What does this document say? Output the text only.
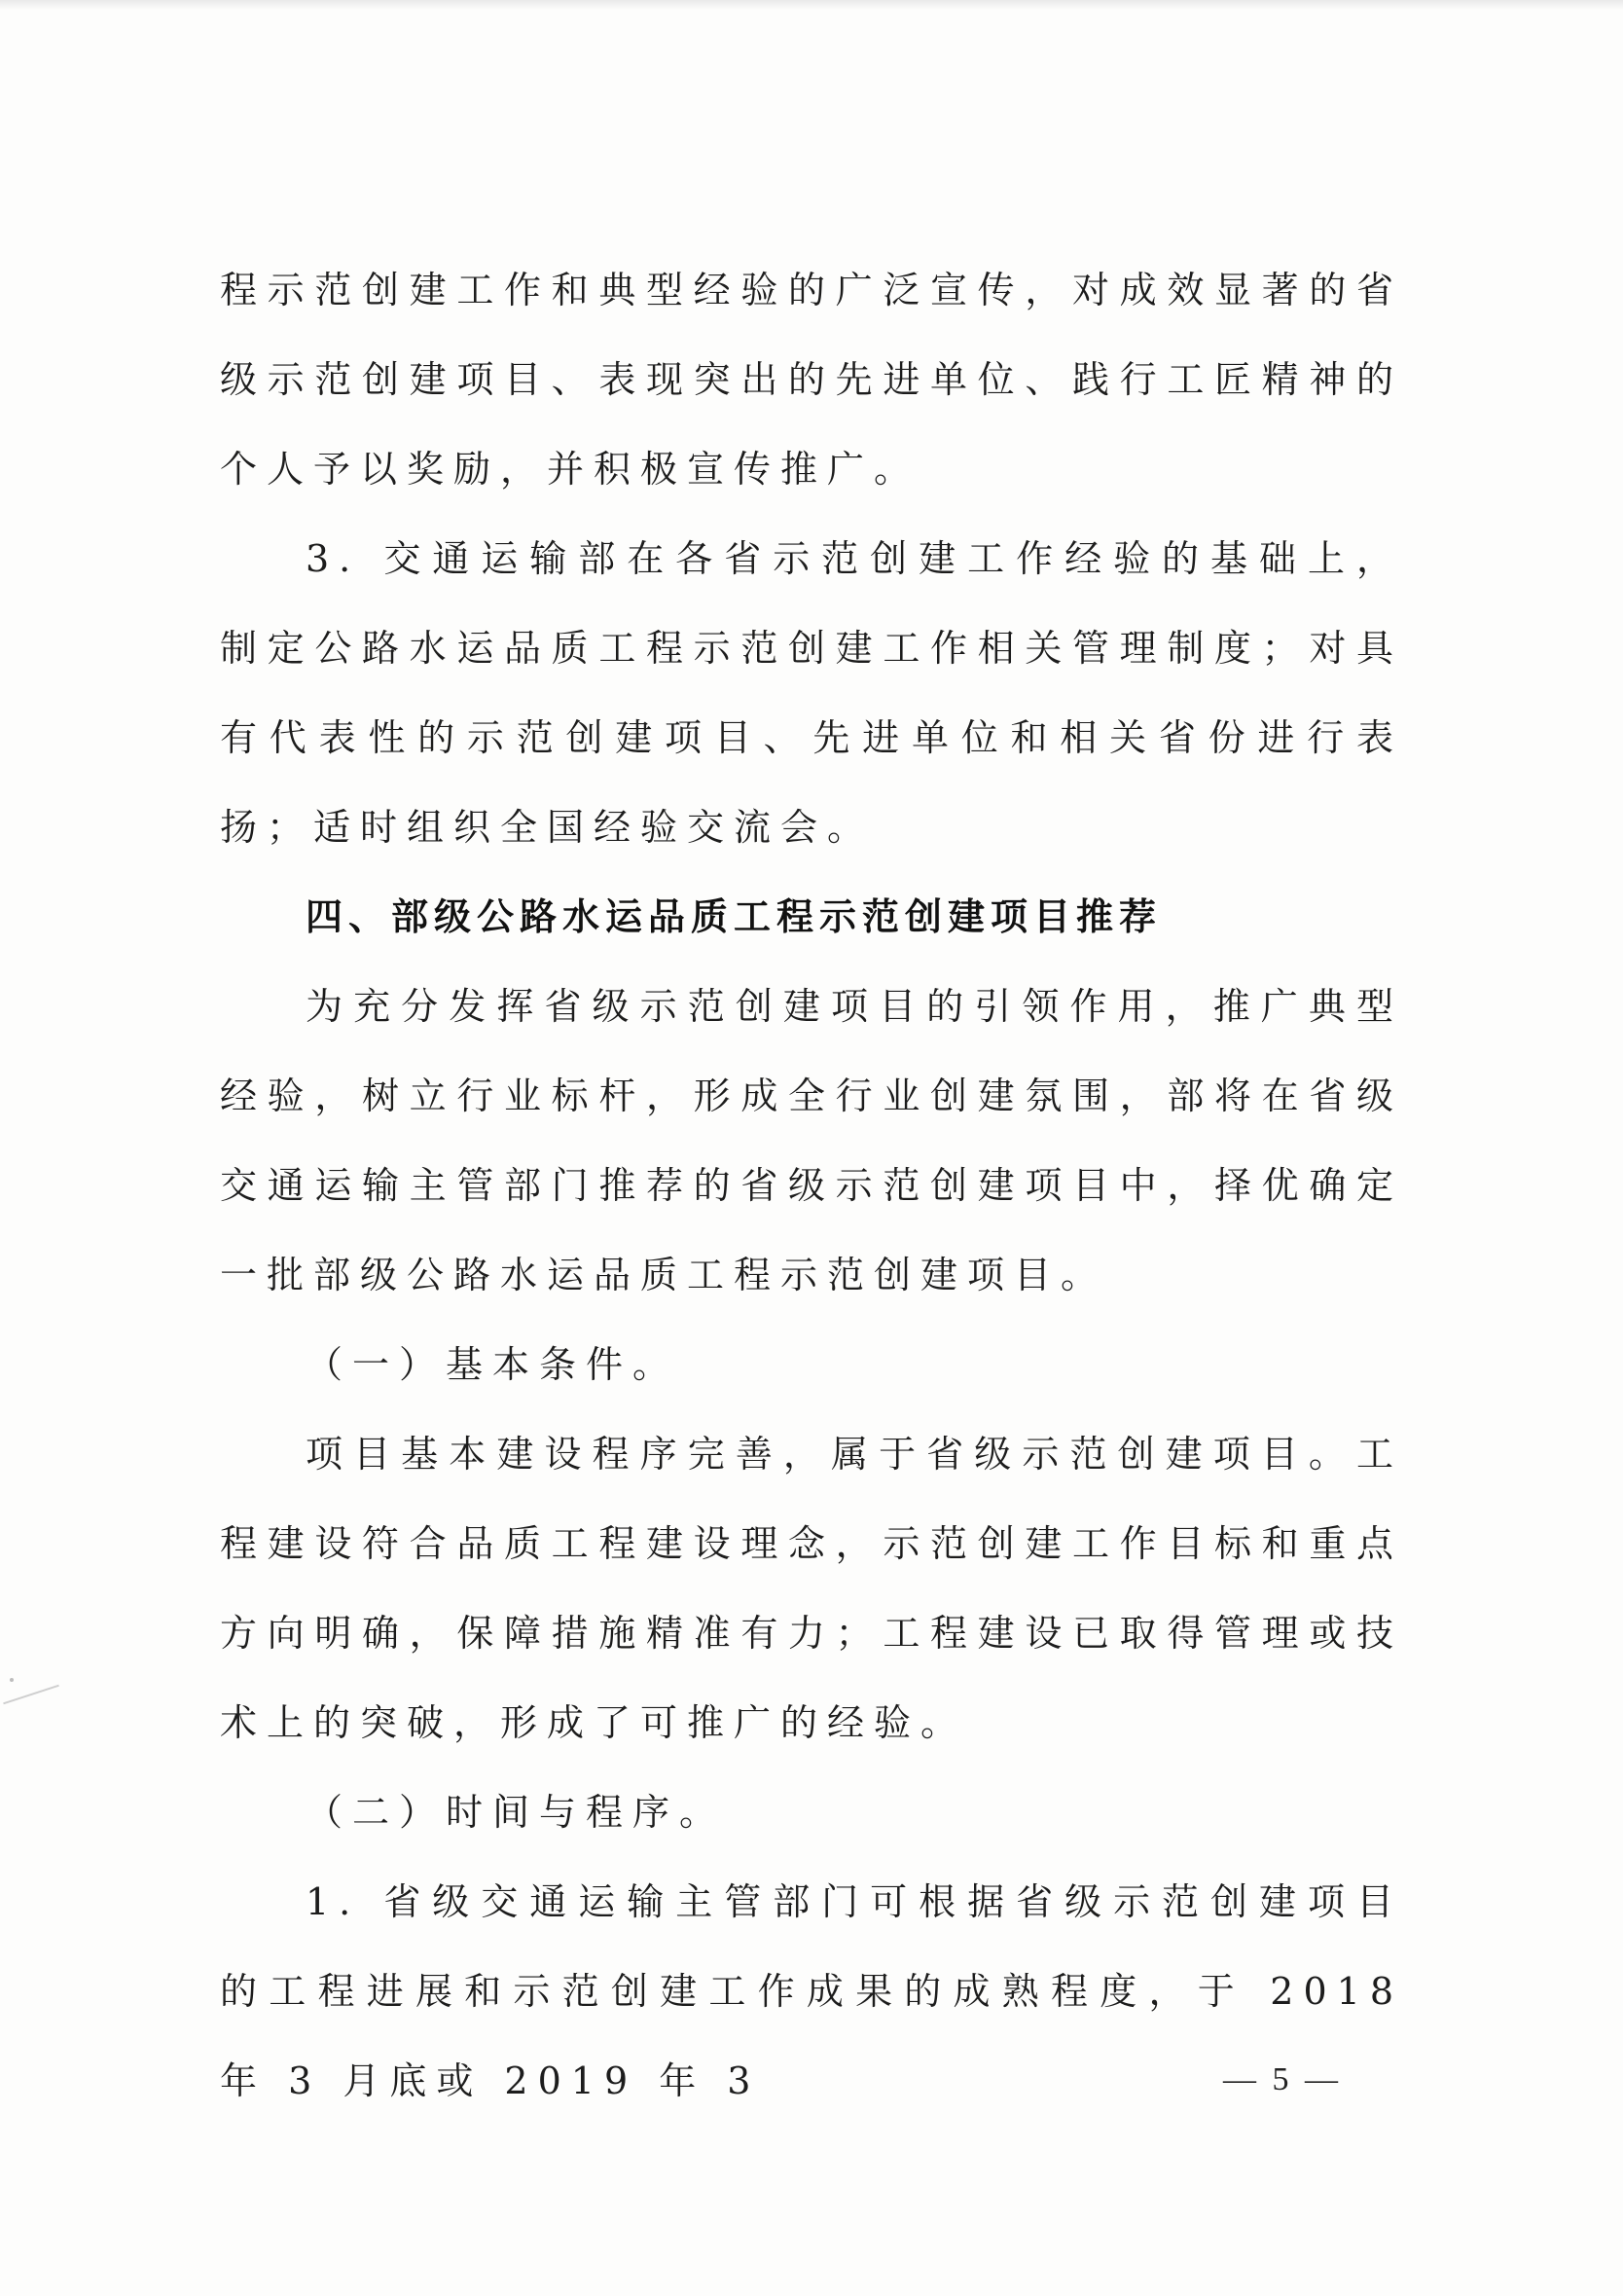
程示范创建工作和典型经验的广泛宣传，对成效显著的省级示范创建项目、表现突出的先进单位、践行工匠精神的个人予以奖励，并积极宣传推广。

3. 交通运输部在各省示范创建工作经验的基础上，制定公路水运品质工程示范创建工作相关管理制度；对具有代表性的示范创建项目、先进单位和相关省份进行表扬；适时组织全国经验交流会。

四、部级公路水运品质工程示范创建项目推荐

为充分发挥省级示范创建项目的引领作用，推广典型经验，树立行业标杆，形成全行业创建氛围，部将在省级交通运输主管部门推荐的省级示范创建项目中，择优确定一批部级公路水运品质工程示范创建项目。

（一）基本条件。

项目基本建设程序完善，属于省级示范创建项目。工程建设符合品质工程建设理念，示范创建工作目标和重点方向明确，保障措施精准有力；工程建设已取得管理或技术上的突破，形成了可推广的经验。

（二）时间与程序。

1. 省级交通运输主管部门可根据省级示范创建项目的工程进展和示范创建工作成果的成熟程度，于 2018 年 3 月底或 2019 年 3	— 5 —
